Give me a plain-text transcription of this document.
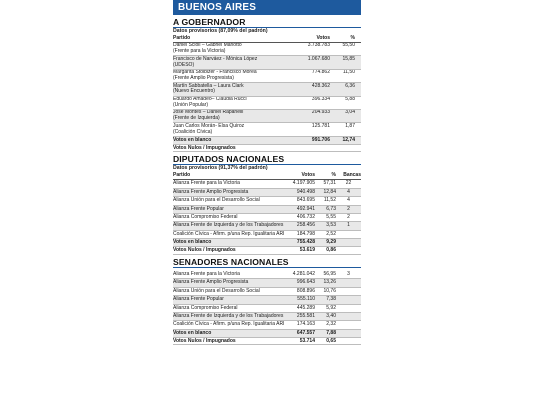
BUENOS AIRES
A GOBERNADOR
Datos provisorios (87,09% del padrón)
Partido	Votos	%	
Daniel Scioli – Gabriel Mariotto
(Frente para la Victoria)	3.738.783	55,50	
Francisco de Narváez - Mónica López
(UDESO)	1.067.680	15,85	
Margarita Stolbizer - Francisco Morea
(Frente Amplio Progresista)	774.862	11,50	
Martín Sabbatella – Laura Clark
(Nuevo Encuentro)	428.362	6,36	
Eduardo Amadeo– Claudia Rucci
(Unión Popular)	396.334	5,88	
José Montes – Daniel Rapanelli
(Frente de Izquierda)	204.933	3,04	
Juan Carlos Morán- Elsa Quiroz
(Coalición Cívica)	125.781	1,87	
Votos en blanco	991.706	12,74	
Votos Nulos / Impugnados			
DIPUTADOS NACIONALES
Datos provisorios (91,37% del padrón)
Partido	Votos	%	Bancas
Alianza Frente para la Victoria	4.197.905	57,31	22
Alianza Frente Amplio Progresista	940.498	12,84	4
Alianza Unión para el Desarrollo Social	843.695	11,52	4
Alianza Frente Popular	492.941	6,73	2
Alianza Compromiso Federal	406.732	5,55	2
Alianza Frente de Izquierda y de los Trabajadores	258.456	3,53	1
Coalición Cívica - Afirm. p/una Rep. Igualitaria ARI	184.798	2,52	
Votos en blanco	755.428	9,29	
Votos Nulos / Impugnados	53.619	0,86	
SENADORES NACIONALES
Alianza Frente para la Victoria	4.281.042	56,95	3
Alianza Frente Amplio Progresista	996.643	13,26	
Alianza Unión para el Desarrollo Social	808.896	10,76	
Alianza Frente Popular	555.110	7,38	
Alianza Compromiso Federal	445.289	5,92	
Alianza Frente de Izquierda y de los Trabajadores	255.581	3,40	
Coalición Cívica - Afirm. p/una Rep. Igualitaria ARI	174.163	2,32	
Votos en blanco	647.557	7,88	
Votos Nulos / Impugnados	53.714	0,65	
